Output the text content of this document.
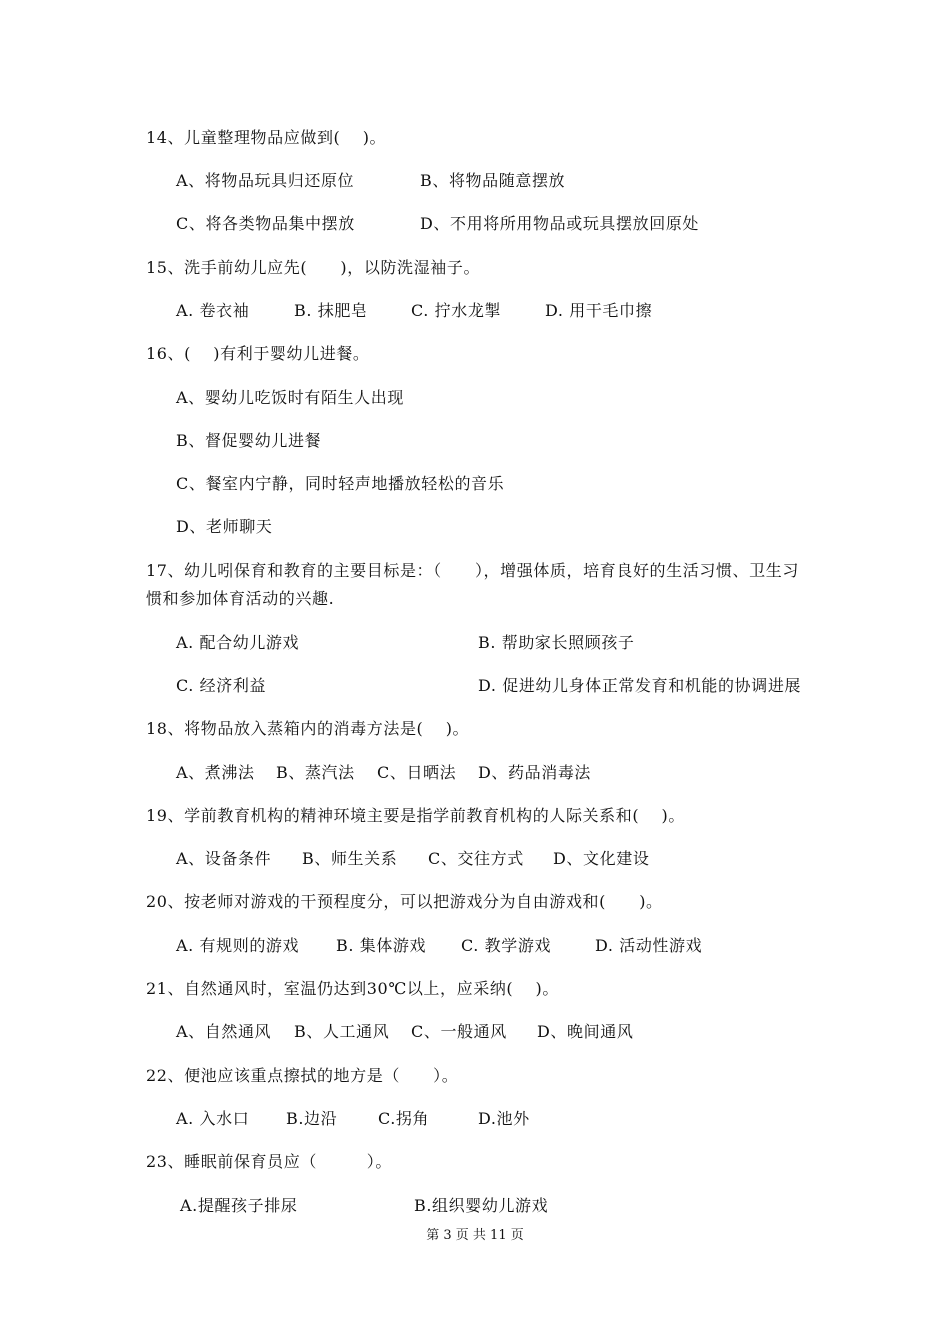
14、儿童整理物品应做到(　 )。

A、将物品玩具归还原位

	B、将物品随意摆放

C、将各类物品集中摆放

	D、不用将所用物品或玩具摆放回原处

15、洗手前幼儿应先(　　)，以防洗湿袖子。

A. 卷衣袖

	B. 抹肥皂

	C. 拧水龙掣

	D. 用干毛巾擦

16、(　 )有利于婴幼儿进餐。
A、婴幼儿吃饭时有陌生人出现
B、督促婴幼儿进餐
C、餐室内宁静，同时轻声地播放轻松的音乐
D、老师聊天
17、幼儿吲保育和教育的主要目标是：（　　），增强体质，培育良好的生活习惯、卫生习
惯和参加体育活动的兴趣.

A. 配合幼儿游戏

	B. 帮助家长照顾孩子

C. 经济利益

	D. 促进幼儿身体正常发育和机能的协调进展

18、将物品放入蒸箱内的消毒方法是(　 )。

A、煮沸法

B、蒸汽法

C、日晒法

D、药品消毒法

19、学前教育机构的精神环境主要是指学前教育机构的人际关系和(　 )。

A、设备条件

B、师生关系

C、交往方式

D、文化建设

20、按老师对游戏的干预程度分，可以把游戏分为自由游戏和(　　)。

A. 有规则的游戏

B. 集体游戏

C. 教学游戏

	D. 活动性游戏

21、自然通风时，室温仍达到30℃以上，应采纳(　 )。

A、自然通风

B、人工通风

C、一般通风

D、晚间通风

22、便池应该重点擦拭的地方是（　　）。

A. 入水口

B.边沿

	C.拐角

	D.池外

23、睡眠前保育员应（　　　）。

A.提醒孩子排尿

	B.组织婴幼儿游戏

第 3 页 共 11 页
